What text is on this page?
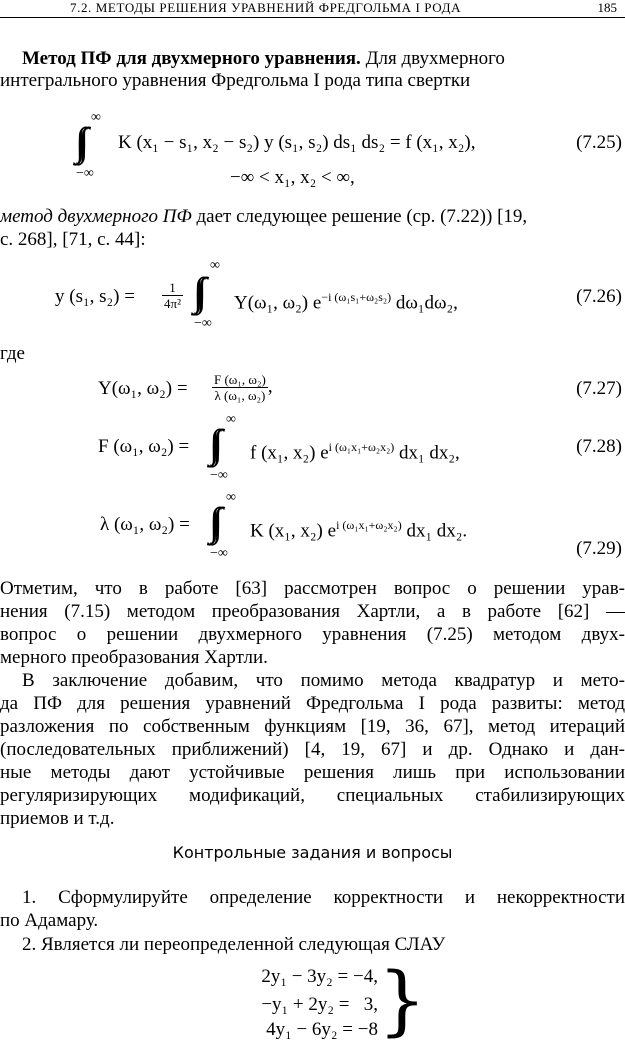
7.2. МЕТОДЫ РЕШЕНИЯ УРАВНЕНИЙ ФРЕДГОЛЬМА I РОДА	185
Метод ПФ для двухмерного уравнения. Для двухмерного
интегрального уравнения Фредгольма I рода типа свертки
∞
−∞
K (x₁ − s₁, x₂ − s₂) y (s₁, s₂) ds₁ ds₂ = f (x₁, x₂),	(7.25)
−∞ < x₁, x₂ < ∞,
метод двухмерного ПФ дает следующее решение (ср. (7.22)) [19,
с. 268], [71, с. 44]:
y (s₁, $s_2) = \frac{1}{\text{4π²}}$
∞
−∞
Y(ω₁, ω₂) $e^{-i (\omega_1s_1+\omega_2s_2)}$ dω₁dω₂,	(7.26)
где
Y(ω₁, $\omega_2) = \frac{\text{F (ω₁, ω₂)}}{\text{λ (ω₁, ω₂)}}$ ,	(7.27)
F (ω₁, ω₂) =
∞
−∞
f (x₁, x₂) $e^{i (\omega_1x_1+\omega_2x_2)}$ dx₁ dx₂,	(7.28)
λ (ω₁, ω₂) =
∞
−∞
K (x₁, x₂) $e^{i (\omega_1x_1+\omega_2x_2)}$ dx₁ dx₂.
(7.29)
Отметим, что в работе [63] рассмотрен вопрос о решении урав-
нения (7.15) методом преобразования Хартли, а в работе [62] —
вопрос о решении двухмерного уравнения (7.25) методом двух-
мерного преобразования Хартли.
В заключение добавим, что помимо метода квадратур и мето-
да ПФ для решения уравнений Фредгольма I рода развиты: метод
разложения по собственным функциям [19, 36, 67], метод итераций
(последовательных приближений) [4, 19, 67] и др. Однако и дан-
ные методы дают устойчивые решения лишь при использовании
регуляризирующих модификаций, специальных стабилизирующих
приемов и т.д.
Контрольные задания и вопросы
1. Сформулируйте определение корректности и некорректности
по Адамару.
2. Является ли переопределенной следующая СЛАУ
2y₁ − 3y₂ = −4,
−y₁ + 2y₂ =   3,
4y₁ − 6y₂ = −8 }
